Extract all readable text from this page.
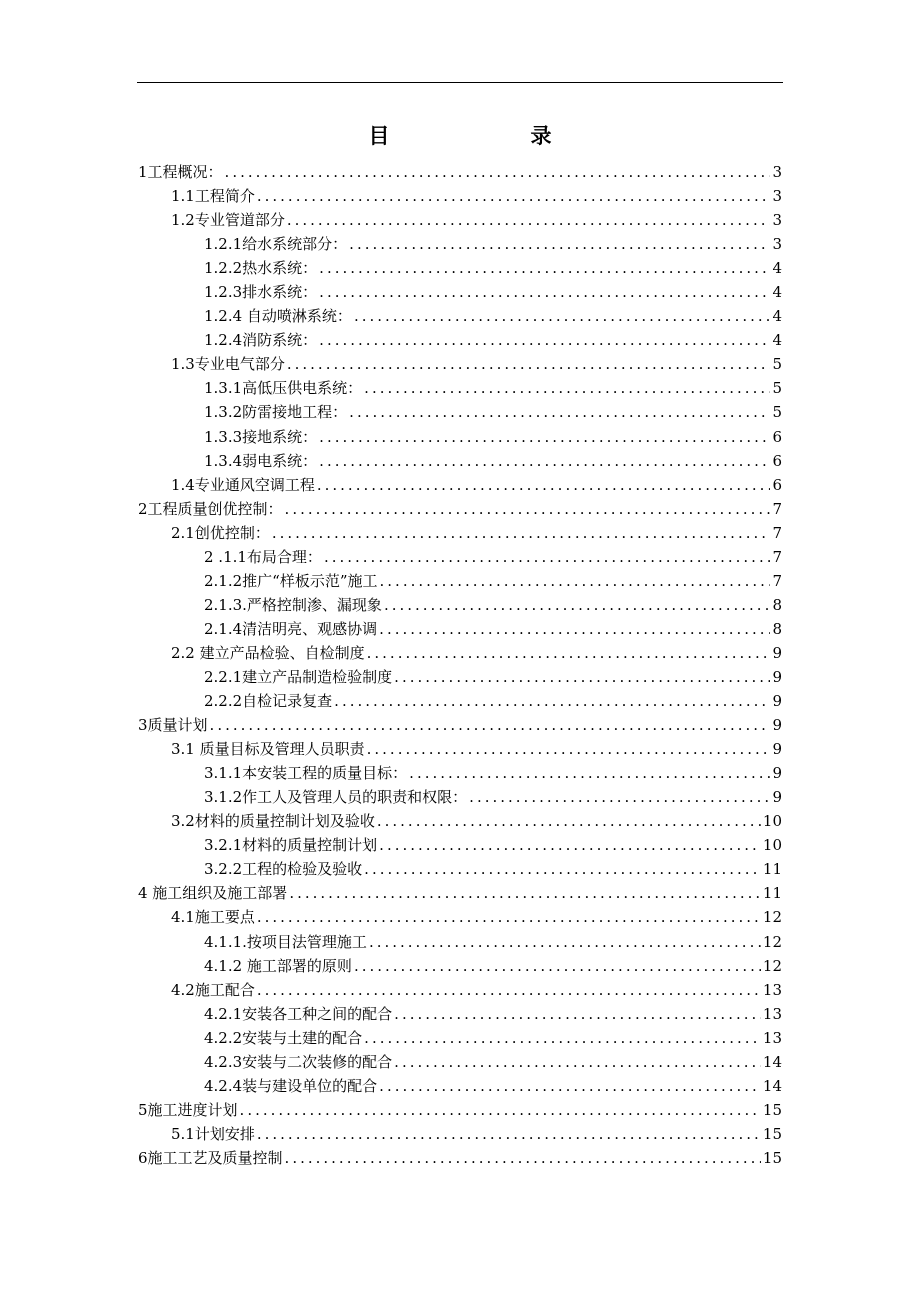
目　录
1工程概况： .....	3
1.1工程简介 .....	3
1.2专业管道部分 .....	3
1.2.1给水系统部分： .....	3
1.2.2热水系统： .....	4
1.2.3排水系统： .....	4
1.2.4 自动喷淋系统： .....	4
1.2.4消防系统： .....	4
1.3专业电气部分 .....	5
1.3.1高低压供电系统： .....	5
1.3.2防雷接地工程： .....	5
1.3.3接地系统： .....	6
1.3.4弱电系统： .....	6
1.4专业通风空调工程 .....	6
2工程质量创优控制： .....	7
2.1创优控制： .....	7
2 .1.1布局合理： .....	7
2.1.2推广“样板示范”施工 .....	7
2.1.3.严格控制渗、漏现象 .....	8
2.1.4清洁明亮、观感协调 .....	8
2.2 建立产品检验、自检制度 .....	9
2.2.1建立产品制造检验制度 .....	9
2.2.2自检记录复查 .....	9
3质量计划 .....	9
3.1 质量目标及管理人员职责 .....	9
3.1.1本安装工程的质量目标： .....	9
3.1.2作工人及管理人员的职责和权限： .....	9
3.2材料的质量控制计划及验收 .....	10
3.2.1材料的质量控制计划 .....	10
3.2.2工程的检验及验收 .....	11
4 施工组织及施工部署 .....	11
4.1施工要点 .....	12
4.1.1.按项目法管理施工 .....	12
4.1.2 施工部署的原则 .....	12
4.2施工配合 .....	13
4.2.1安装各工种之间的配合 .....	13
4.2.2安装与土建的配合 .....	13
4.2.3安装与二次装修的配合 .....	14
4.2.4装与建设单位的配合 .....	14
5施工进度计划 .....	15
5.1计划安排 .....	15
6施工工艺及质量控制 .....	15
